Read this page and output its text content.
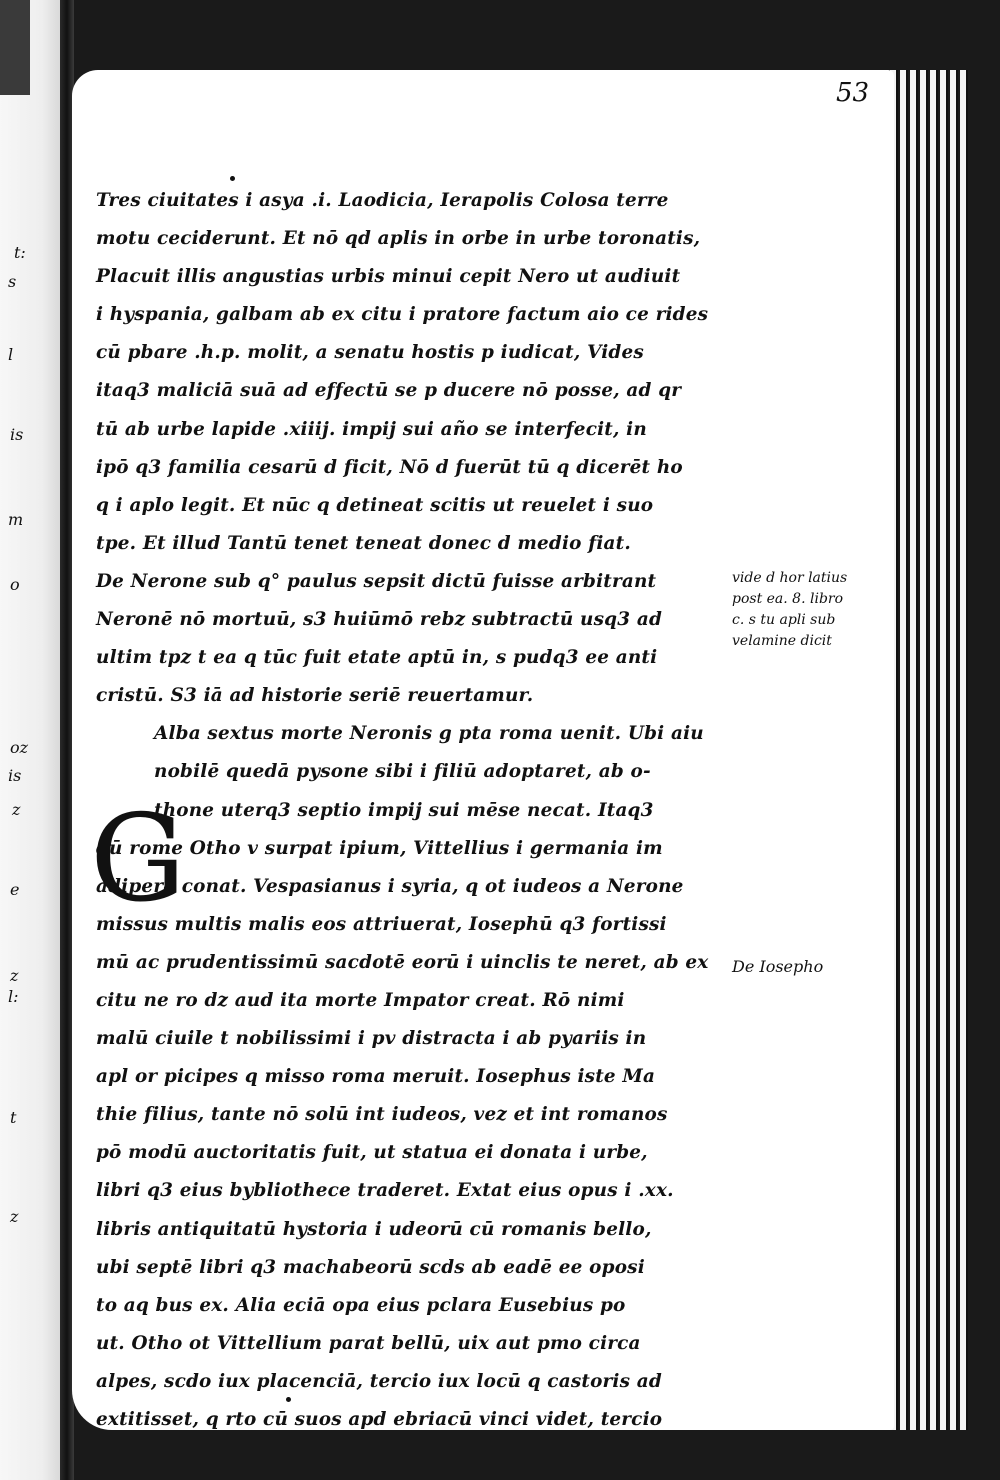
t:
s
l
is
m
o
oz
is
z
e
z
l:
t
z
53
G
Tres ciuitates i asya .i. Laodicia, Ierapolis Colosa terre
motu ceciderunt. Et nō qd aplis in orbe in urbe toronatis,
Placuit illis angustias urbis minui cepit Nero ut audiuit
i hyspania, galbam ab ex citu i pratore factum aio ce rides
cū pbare .h.p. molit, a senatu hostis p iudicat, Vides
itaq3 maliciā suā ad effectū se p ducere nō posse, ad qr
tū ab urbe lapide .xiiij. impij sui año se interfecit, in
ipō q3 familia cesarū d ficit, Nō d fuerūt tū q dicerēt ho
q i aplo legit. Et nūc q detineat scitis ut reuelet i suo
tpe. Et illud Tantū tenet teneat donec d medio fiat.
De Nerone sub q° paulus sepsit dictū fuisse arbitrant
Neronē nō mortuū, s3 huiūmō rebz subtractū usq3 ad
ultim tpz t ea q tūc fuit etate aptū in, s pudq3 ee anti
cristū. S3 iā ad historie seriē reuertamur.
Alba sextus morte Neronis g pta roma uenit. Ubi aiu
nobilē quedā pysone sibi i filiū adoptaret, ab o-
thone uterq3 septio impij sui mēse necat. Itaq3
dū rome Otho v surpat ipium, Vittellius i germania im
adipere conat. Vespasianus i syria, q ot iudeos a Nerone
missus multis malis eos attriuerat, Iosephū q3 fortissi
mū ac prudentissimū sacdotē eorū i uinclis te neret, ab ex
citu ne ro dz aud ita morte Impator creat. Rō nimi
malū ciuile t nobilissimi i pv distracta i ab pyariis in
apl or picipes q misso roma meruit. Iosephus iste Ma
thie filius, tante nō solū int iudeos, vez et int romanos
pō modū auctoritatis fuit, ut statua ei donata i urbe,
libri q3 eius bybliothece traderet. Extat eius opus i .xx.
libris antiquitatū hystoria i udeorū cū romanis bello,
ubi septē libri q3 machabeorū scds ab eadē ee oposi
to aq bus ex. Alia eciā opa eius pclara Eusebius po
ut. Otho ot Vittellium parat bellū, uix aut pmo circa
alpes, scdo iux placenciā, tercio iux locū q castoris ad
extitisset, q rto cū suos apd ebriacū vinci videt, tercio
vide d hor latius
post ea. 8. libro
c. s tu apli sub
velamine dicit
De Iosepho
